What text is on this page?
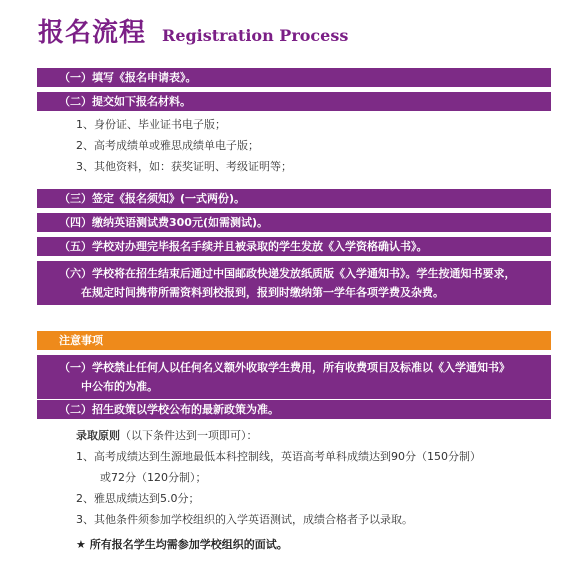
报名流程 Registration Process
（一）填写《报名申请表》。
（二）提交如下报名材料。
1、身份证、毕业证书电子版；
2、高考成绩单或雅思成绩单电子版；
3、其他资料，如：获奖证明、考级证明等；
（三）签定《报名须知》(一式两份)。
（四）缴纳英语测试费300元(如需测试)。
（五）学校对办理完毕报名手续并且被录取的学生发放《入学资格确认书》。
（六）学校将在招生结束后通过中国邮政快递发放纸质版《入学通知书》。学生按通知书要求，
在规定时间携带所需资料到校报到，报到时缴纳第一学年各项学费及杂费。
注意事项
（一）学校禁止任何人以任何名义额外收取学生费用，所有收费项目及标准以《入学通知书》
中公布的为准。
（二）招生政策以学校公布的最新政策为准。
录取原则（以下条件达到一项即可）：
1、高考成绩达到生源地最低本科控制线，英语高考单科成绩达到90分（150分制）
或72分（120分制）；
2、雅思成绩达到5.0分；
3、其他条件须参加学校组织的入学英语测试，成绩合格者予以录取。
★ 所有报名学生均需参加学校组织的面试。
